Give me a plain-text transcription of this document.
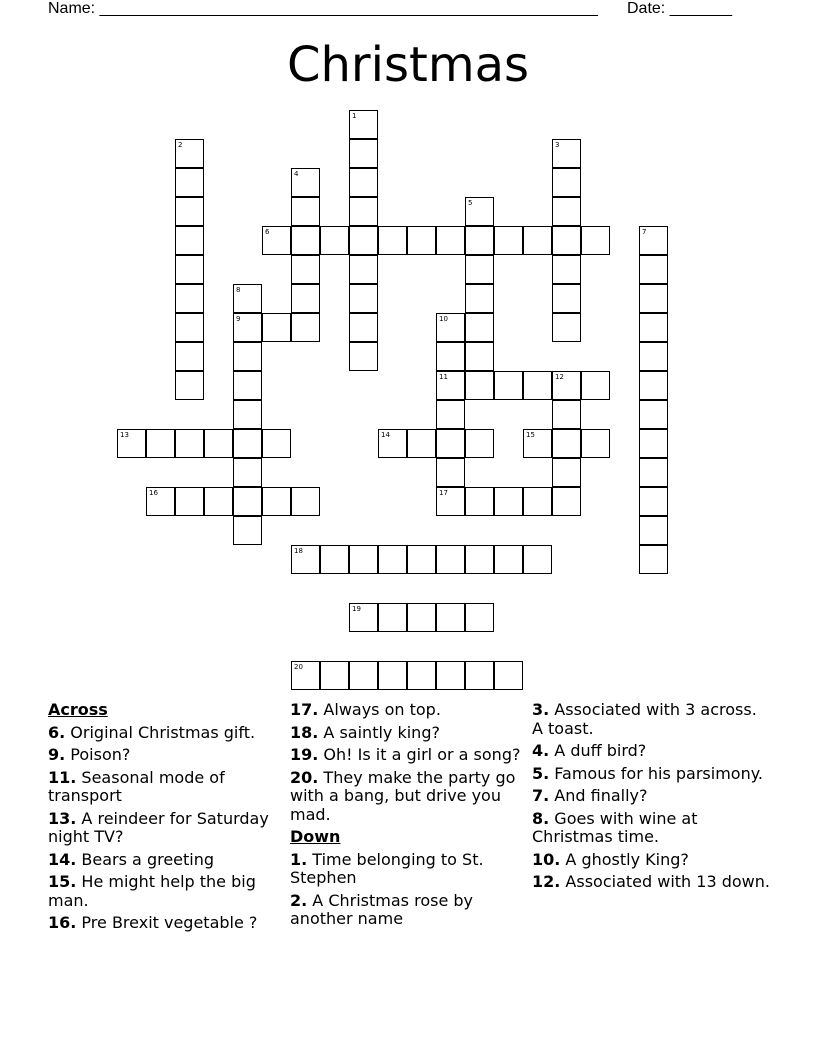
Name: ________________________________________________________ Date: _______
Christmas
1
2	3
4
5
6	7
8
9	10
11	12
13	14	15
16	17
18
19
20
Across
6. Original Christmas gift.
9. Poison?
11. Seasonal mode of transport
13. A reindeer for Saturday night TV?
14. Bears a greeting
15. He might help the big man.
16. Pre Brexit vegetable ?
17. Always on top.
18. A saintly king?
19. Oh! Is it a girl or a song?
20. They make the party go with a bang, but drive you mad.
Down
1. Time belonging to St. Stephen
2. A Christmas rose by another name
3. Associated with 3 across. A toast.
4. A duff bird?
5. Famous for his parsimony.
7. And finally?
8. Goes with wine at Christmas time.
10. A ghostly King?
12. Associated with 13 down.
